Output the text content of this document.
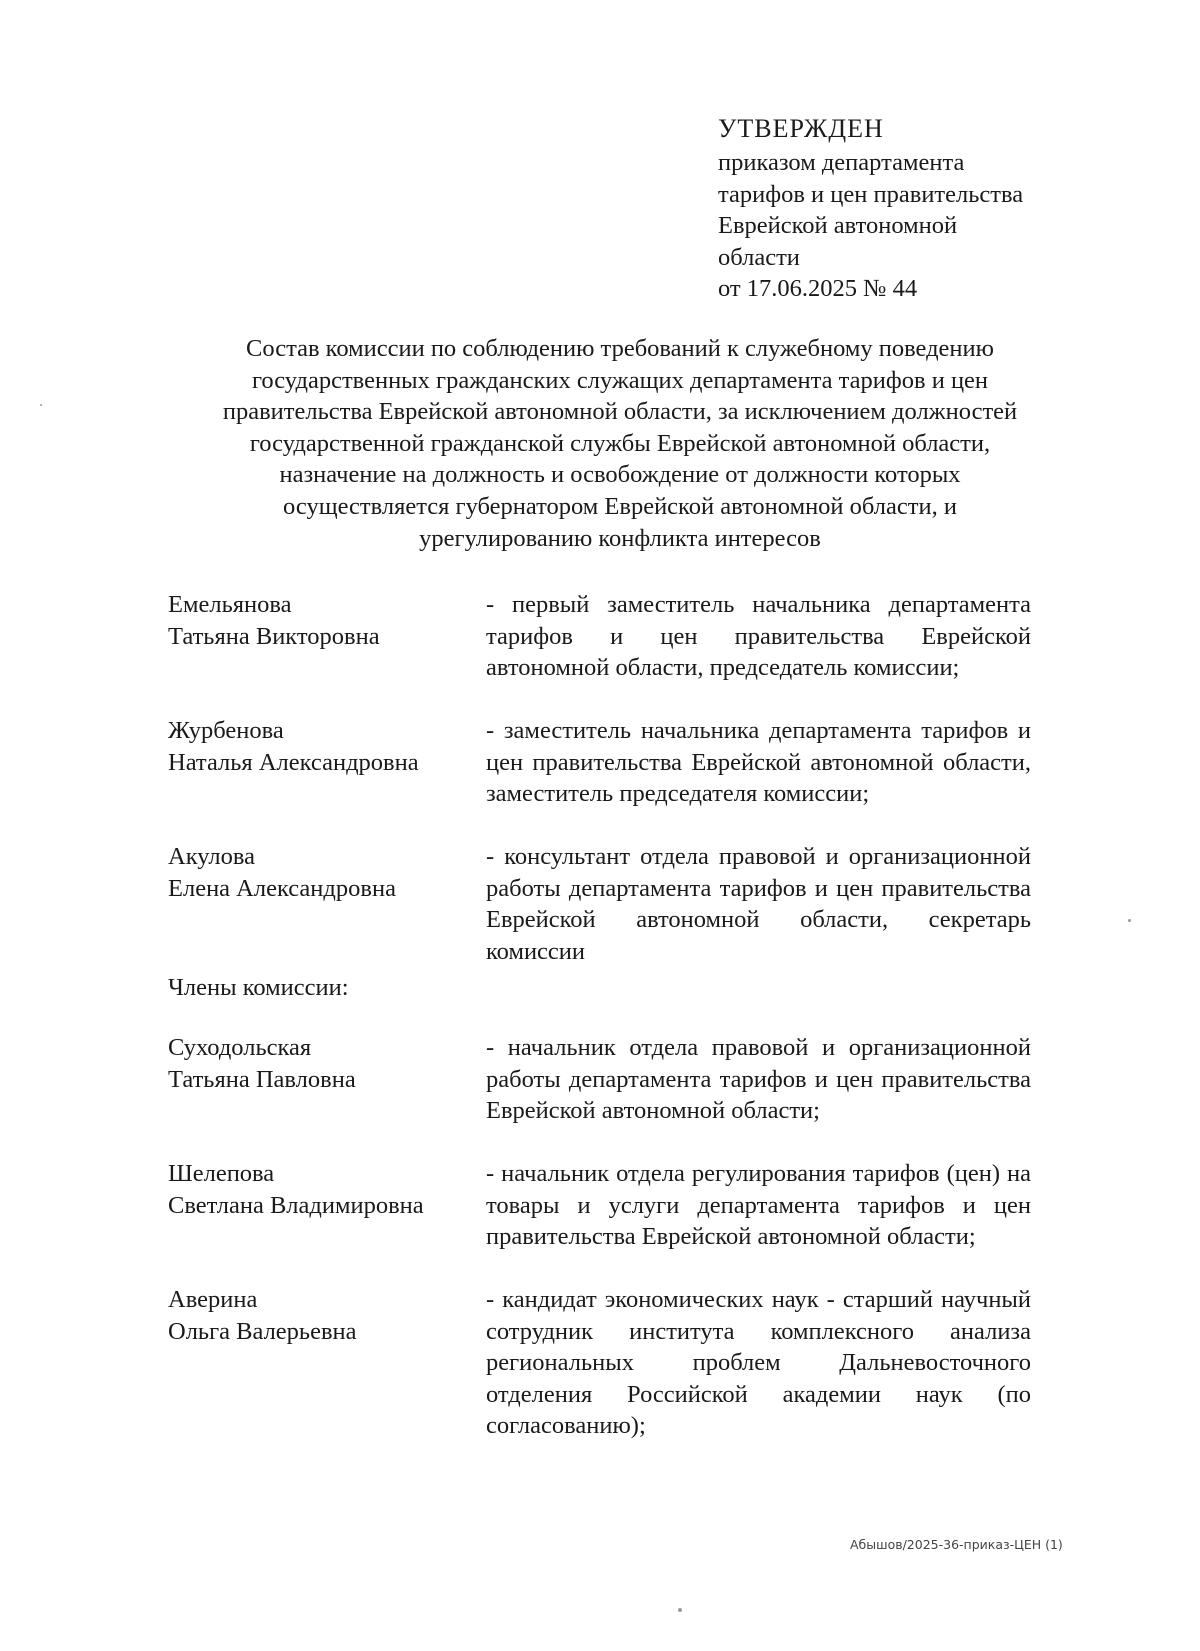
УТВЕРЖДЕН
приказом департамента
тарифов и цен правительства
Еврейской автономной
области
от 17.06.2025 № 44
Состав комиссии по соблюдению требований к служебному поведению
государственных гражданских служащих департамента тарифов и цен
правительства Еврейской автономной области, за исключением должностей
государственной гражданской службы Еврейской автономной области,
назначение на должность и освобождение от должности которых
осуществляется губернатором Еврейской автономной области, и
урегулированию конфликта интересов
Емельянова
Татьяна Викторовна
- первый заместитель начальника департамента тарифов и цен правительства Еврейской автономной области, председатель комиссии;
Журбенова
Наталья Александровна
- заместитель начальника департамента тарифов и цен правительства Еврейской автономной области, заместитель председателя комиссии;
Акулова
Елена Александровна
- консультант отдела правовой и организационной работы департамента тарифов и цен правительства Еврейской автономной области, секретарь комиссии
Члены комиссии:
Суходольская
Татьяна Павловна
- начальник отдела правовой и организационной работы департамента тарифов и цен правительства Еврейской автономной области;
Шелепова
Светлана Владимировна
- начальник отдела регулирования тарифов (цен) на товары и услуги департамента тарифов и цен правительства Еврейской автономной области;
Аверина
Ольга Валерьевна
- кандидат экономических наук - старший научный сотрудник института комплексного анализа региональных проблем Дальневосточного отделения Российской академии наук (по согласованию);
Абышов/2025-36-приказ-ЦЕН (1)
